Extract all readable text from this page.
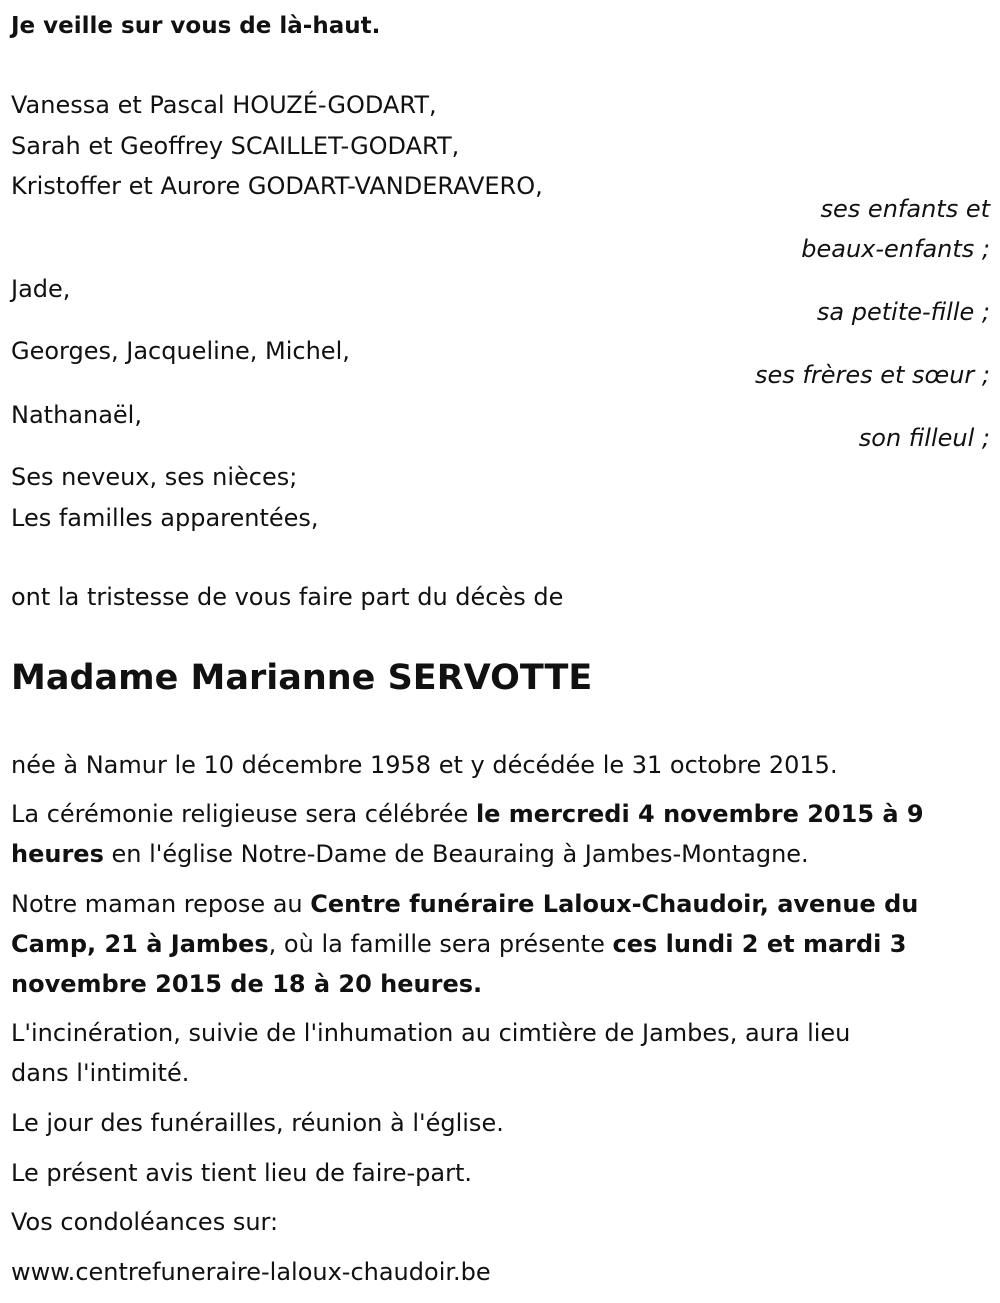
Je veille sur vous de là-haut.
Vanessa et Pascal HOUZÉ-GODART,
Sarah et Geoffrey SCAILLET-GODART,
Kristoffer et Aurore GODART-VANDERAVERO,
ses enfants et
beaux-enfants ;
Jade,
sa petite-fille ;
Georges, Jacqueline, Michel,
ses frères et sœur ;
Nathanaël,
son filleul ;
Ses neveux, ses nièces;
Les familles apparentées,
ont la tristesse de vous faire part du décès de
Madame Marianne SERVOTTE
née à Namur le 10 décembre 1958 et y décédée le 31 octobre 2015.
La cérémonie religieuse sera célébrée le mercredi 4 novembre 2015 à 9
heures en l'église Notre-Dame de Beauraing à Jambes-Montagne.
Notre maman repose au Centre funéraire Laloux-Chaudoir, avenue du
Camp, 21 à Jambes, où la famille sera présente ces lundi 2 et mardi 3
novembre 2015 de 18 à 20 heures.
L'incinération, suivie de l'inhumation au cimtière de Jambes, aura lieu
dans l'intimité.
Le jour des funérailles, réunion à l'église.
Le présent avis tient lieu de faire-part.
Vos condoléances sur:
www.centrefuneraire-laloux-chaudoir.be
